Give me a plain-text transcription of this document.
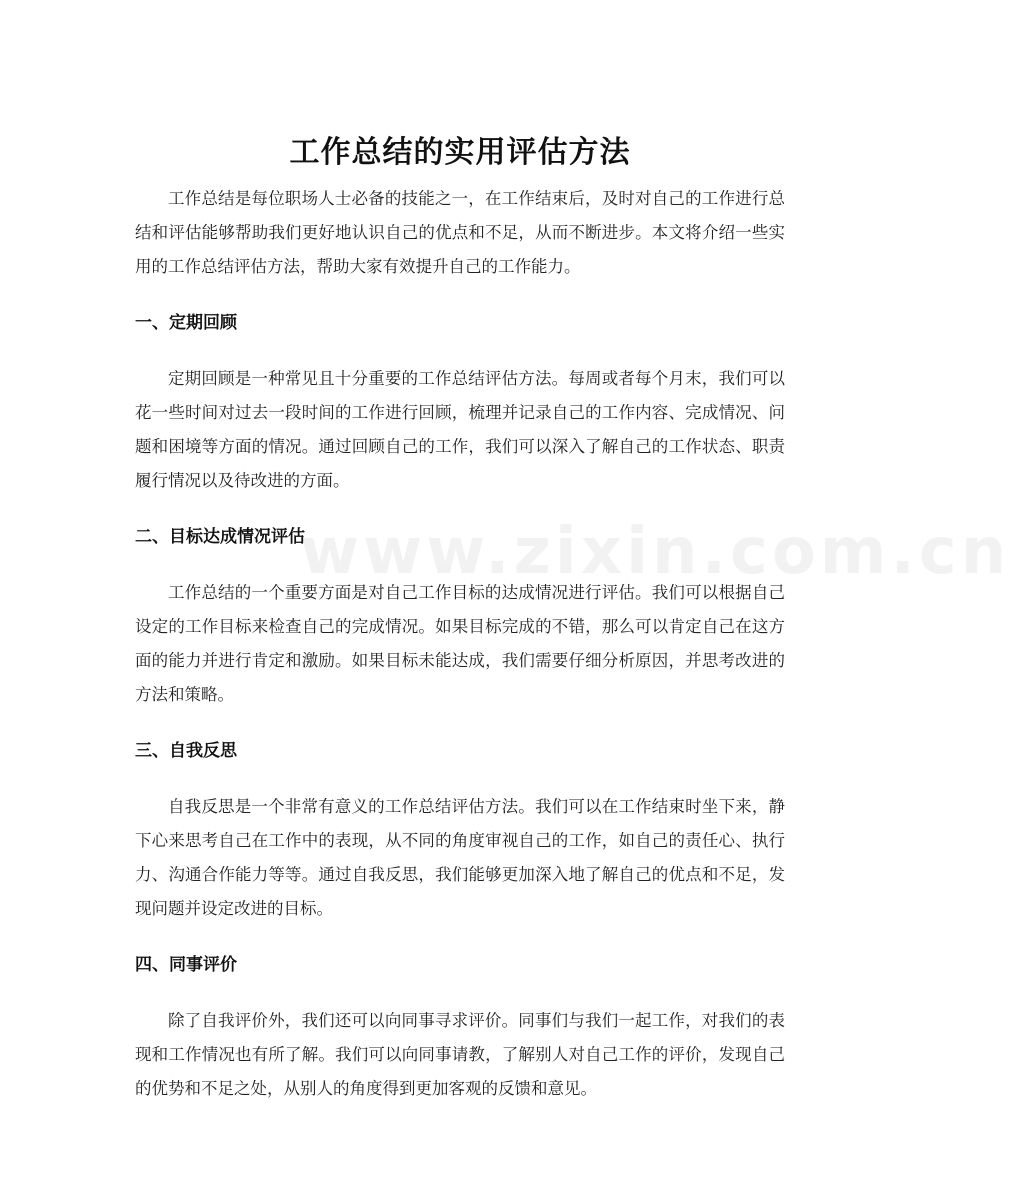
www.zixin.com.cn
工作总结的实用评估方法

工作总结是每位职场人士必备的技能之一，在工作结束后，及时对自己的工作进行总结和评估能够帮助我们更好地认识自己的优点和不足，从而不断进步。本文将介绍一些实用的工作总结评估方法，帮助大家有效提升自己的工作能力。

一、定期回顾

定期回顾是一种常见且十分重要的工作总结评估方法。每周或者每个月末，我们可以花一些时间对过去一段时间的工作进行回顾，梳理并记录自己的工作内容、完成情况、问题和困境等方面的情况。通过回顾自己的工作，我们可以深入了解自己的工作状态、职责履行情况以及待改进的方面。

二、目标达成情况评估

工作总结的一个重要方面是对自己工作目标的达成情况进行评估。我们可以根据自己设定的工作目标来检查自己的完成情况。如果目标完成的不错，那么可以肯定自己在这方面的能力并进行肯定和激励。如果目标未能达成，我们需要仔细分析原因，并思考改进的方法和策略。

三、自我反思

自我反思是一个非常有意义的工作总结评估方法。我们可以在工作结束时坐下来，静下心来思考自己在工作中的表现，从不同的角度审视自己的工作，如自己的责任心、执行力、沟通合作能力等等。通过自我反思，我们能够更加深入地了解自己的优点和不足，发现问题并设定改进的目标。

四、同事评价

除了自我评价外，我们还可以向同事寻求评价。同事们与我们一起工作，对我们的表现和工作情况也有所了解。我们可以向同事请教，了解别人对自己工作的评价，发现自己的优势和不足之处，从别人的角度得到更加客观的反馈和意见。
